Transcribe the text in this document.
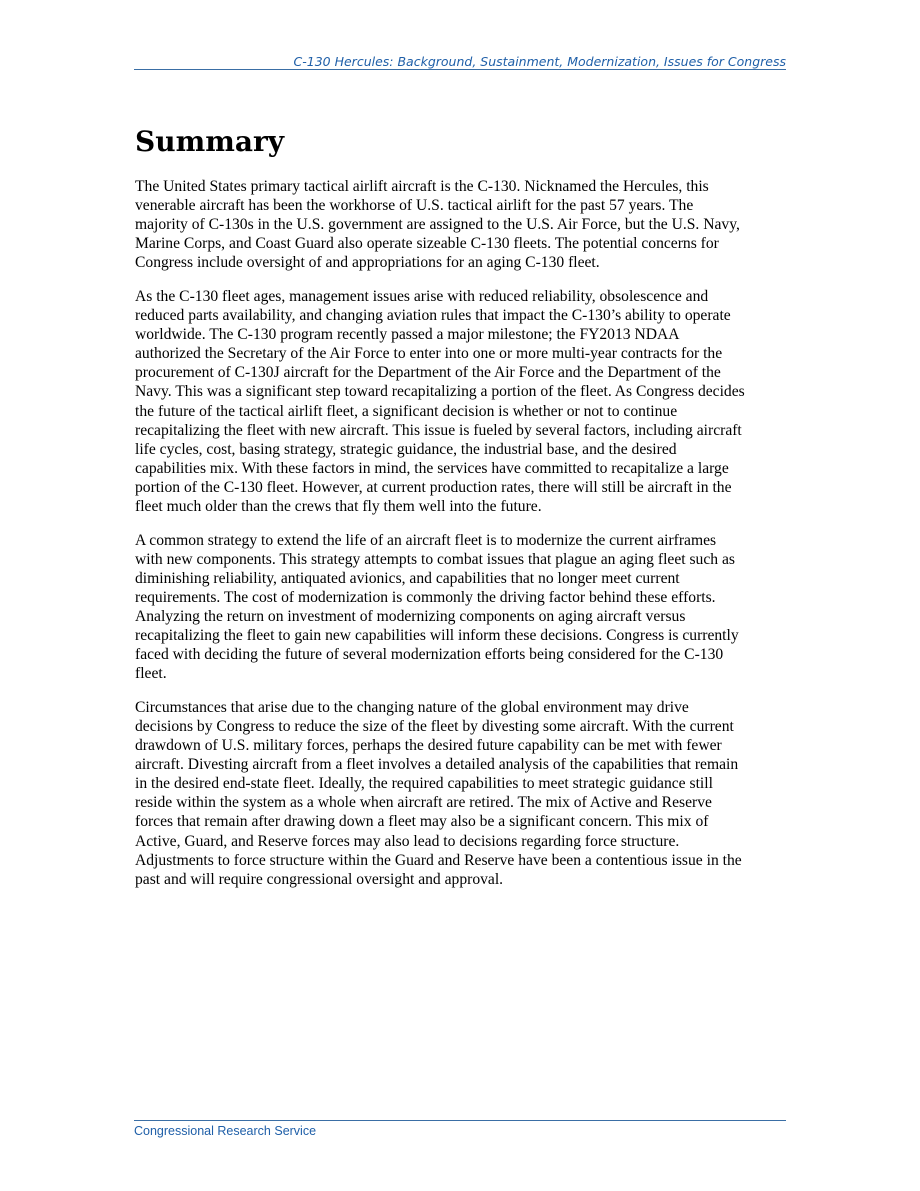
C-130 Hercules: Background, Sustainment, Modernization, Issues for Congress
Summary

The United States primary tactical airlift aircraft is the C-130. Nicknamed the Hercules, this
venerable aircraft has been the workhorse of U.S. tactical airlift for the past 57 years. The
majority of C-130s in the U.S. government are assigned to the U.S. Air Force, but the U.S. Navy,
Marine Corps, and Coast Guard also operate sizeable C-130 fleets. The potential concerns for
Congress include oversight of and appropriations for an aging C-130 fleet.

As the C-130 fleet ages, management issues arise with reduced reliability, obsolescence and
reduced parts availability, and changing aviation rules that impact the C-130’s ability to operate
worldwide. The C-130 program recently passed a major milestone; the FY2013 NDAA
authorized the Secretary of the Air Force to enter into one or more multi-year contracts for the
procurement of C-130J aircraft for the Department of the Air Force and the Department of the
Navy. This was a significant step toward recapitalizing a portion of the fleet. As Congress decides
the future of the tactical airlift fleet, a significant decision is whether or not to continue
recapitalizing the fleet with new aircraft. This issue is fueled by several factors, including aircraft
life cycles, cost, basing strategy, strategic guidance, the industrial base, and the desired
capabilities mix. With these factors in mind, the services have committed to recapitalize a large
portion of the C-130 fleet. However, at current production rates, there will still be aircraft in the
fleet much older than the crews that fly them well into the future.

A common strategy to extend the life of an aircraft fleet is to modernize the current airframes
with new components. This strategy attempts to combat issues that plague an aging fleet such as
diminishing reliability, antiquated avionics, and capabilities that no longer meet current
requirements. The cost of modernization is commonly the driving factor behind these efforts.
Analyzing the return on investment of modernizing components on aging aircraft versus
recapitalizing the fleet to gain new capabilities will inform these decisions. Congress is currently
faced with deciding the future of several modernization efforts being considered for the C-130
fleet.

Circumstances that arise due to the changing nature of the global environment may drive
decisions by Congress to reduce the size of the fleet by divesting some aircraft. With the current
drawdown of U.S. military forces, perhaps the desired future capability can be met with fewer
aircraft. Divesting aircraft from a fleet involves a detailed analysis of the capabilities that remain
in the desired end-state fleet. Ideally, the required capabilities to meet strategic guidance still
reside within the system as a whole when aircraft are retired. The mix of Active and Reserve
forces that remain after drawing down a fleet may also be a significant concern. This mix of
Active, Guard, and Reserve forces may also lead to decisions regarding force structure.
Adjustments to force structure within the Guard and Reserve have been a contentious issue in the
past and will require congressional oversight and approval.

Congressional Research Service
